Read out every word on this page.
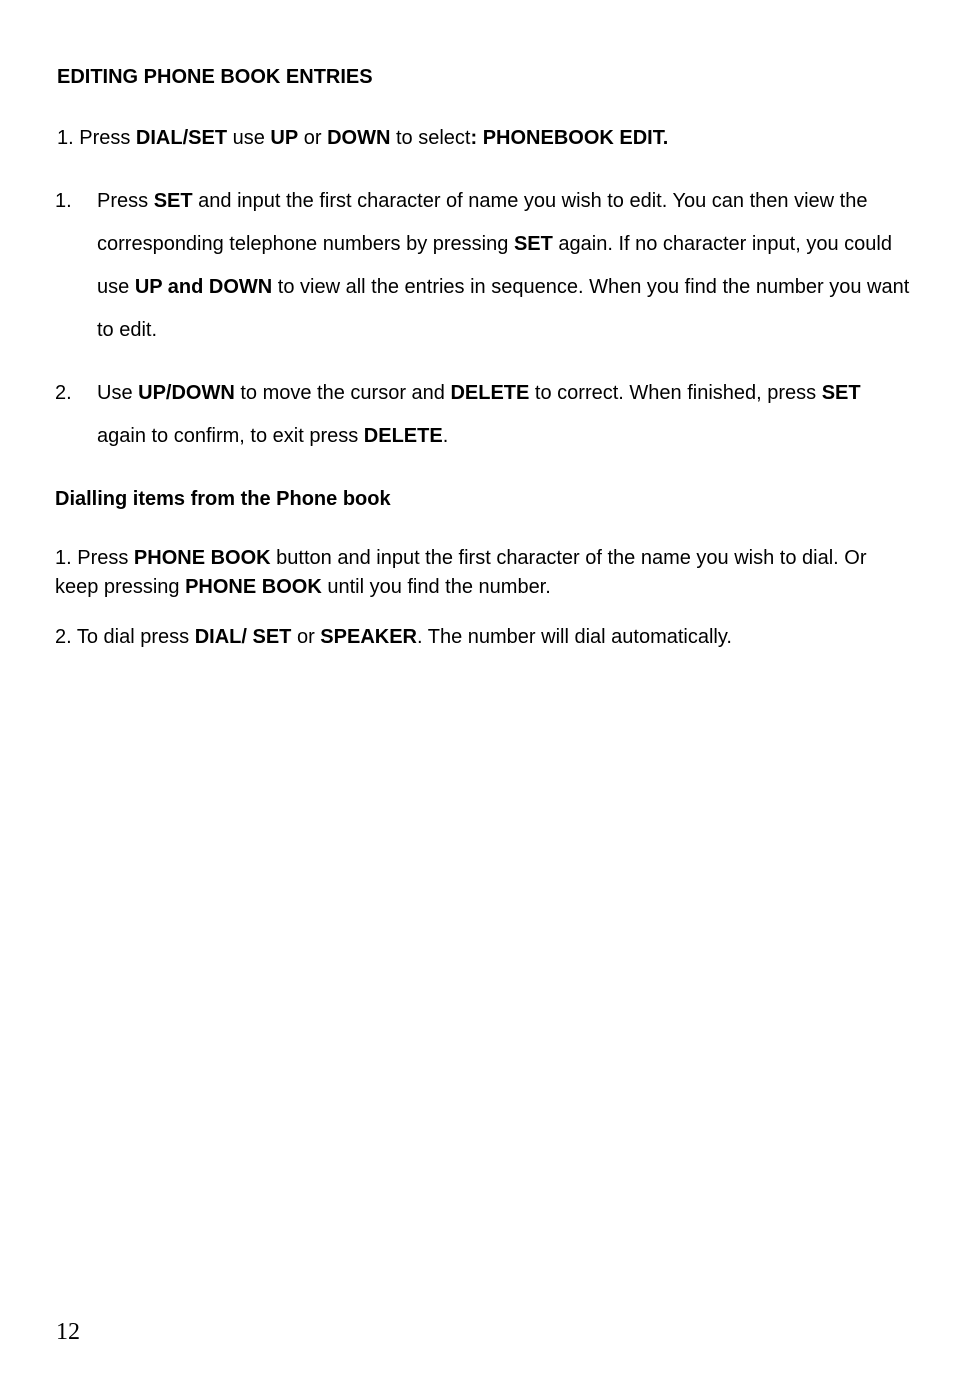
EDITING PHONE BOOK ENTRIES
1. Press DIAL/SET use UP or DOWN to select: PHONEBOOK EDIT.
1. Press SET and input the first character of name you wish to edit. You can then view the corresponding telephone numbers by pressing SET again. If no character input, you could use UP and DOWN to view all the entries in sequence. When you find the number you want to edit.
2. Use UP/DOWN to move the cursor and DELETE to correct. When finished, press SET again to confirm, to exit press DELETE.
Dialling items from the Phone book
1. Press PHONE BOOK button and input the first character of the name you wish to dial. Or keep pressing PHONE BOOK until you find the number.
2. To dial press DIAL/ SET or SPEAKER. The number will dial automatically.
12
